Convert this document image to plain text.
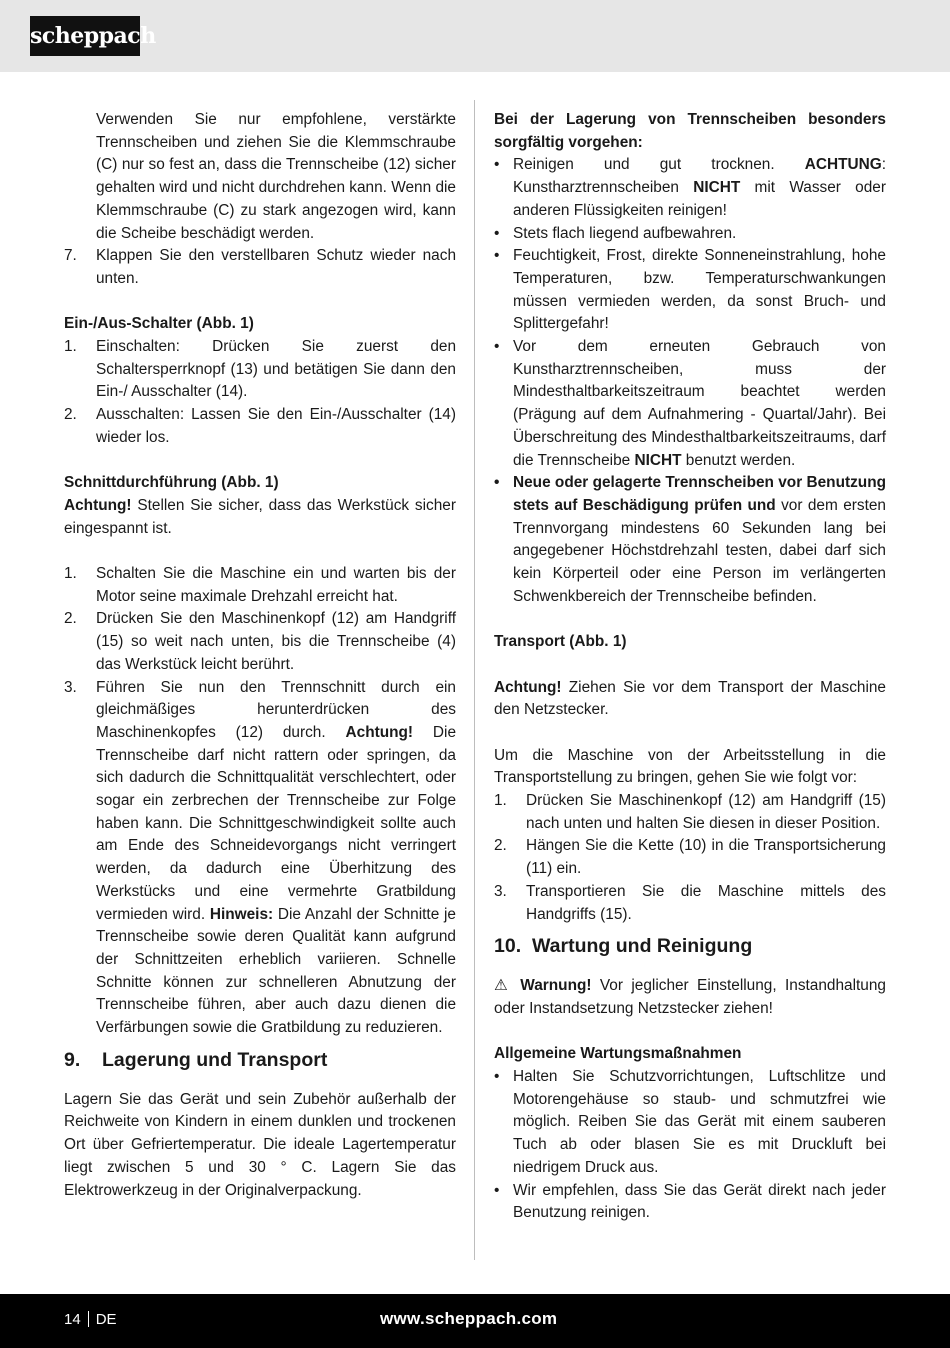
scheppach

Verwenden Sie nur empfohlene, verstärkte Trennscheiben und ziehen Sie die Klemmschraube (C) nur so fest an, dass die Trennscheibe (12) sicher gehalten wird und nicht durchdrehen kann. Wenn die Klemmschraube (C) zu stark angezogen wird, kann die Scheibe beschädigt werden.

7.	Klappen Sie den verstellbaren Schutz wieder nach unten.

Ein-/Aus-Schalter (Abb. 1)

1.	Einschalten: Drücken Sie zuerst den Schaltersperrknopf (13) und betätigen Sie dann den Ein-/ Ausschalter (14).
2.	Ausschalten: Lassen Sie den Ein-/Ausschalter (14) wieder los.

Schnittdurchführung (Abb. 1)

Achtung! Stellen Sie sicher, dass das Werkstück sicher eingespannt ist.

1.	Schalten Sie die Maschine ein und warten bis der Motor seine maximale Drehzahl erreicht hat.
2.	Drücken Sie den Maschinenkopf (12) am Handgriff (15) so weit nach unten, bis die Trennscheibe (4) das Werkstück leicht berührt.
3.	Führen Sie nun den Trennschnitt durch ein gleichmäßiges herunterdrücken des Maschinenkopfes (12) durch. Achtung! Die Trennscheibe darf nicht rattern oder springen, da sich dadurch die Schnittqualität verschlechtert, oder sogar ein zerbrechen der Trennscheibe zur Folge haben kann. Die Schnittgeschwindigkeit sollte auch am Ende des Schneidevorgangs nicht verringert werden, da dadurch eine Überhitzung des Werkstücks und eine vermehrte Gratbildung vermieden wird. Hinweis: Die Anzahl der Schnitte je Trennscheibe sowie deren Qualität kann aufgrund der Schnittzeiten erheblich variieren. Schnelle Schnitte können zur schnelleren Abnutzung der Trennscheibe führen, aber auch dazu dienen die Verfärbungen sowie die Gratbildung zu reduzieren.
9.	Lagerung und Transport

Lagern Sie das Gerät und sein Zubehör außerhalb der Reichweite von Kindern in einem dunklen und trockenen Ort über Gefriertemperatur. Die ideale Lagertemperatur liegt zwischen 5 und 30 ° C. Lagern Sie das Elektrowerkzeug in der Originalverpackung.

Bei der Lagerung von Trennscheiben besonders sorgfältig vorgehen:

• Reinigen und gut trocknen. ACHTUNG: Kunstharztrennscheiben NICHT mit Wasser oder anderen Flüssigkeiten reinigen!
• Stets flach liegend aufbewahren.
• Feuchtigkeit, Frost, direkte Sonneneinstrahlung, hohe Temperaturen, bzw. Temperaturschwankungen müssen vermieden werden, da sonst Bruch- und Splittergefahr!
• Vor dem erneuten Gebrauch von Kunstharztrennscheiben, muss der Mindesthaltbarkeitszeitraum beachtet werden (Prägung auf dem Aufnahmering - Quartal/Jahr). Bei Überschreitung des Mindesthaltbarkeitszeitraums, darf die Trennscheibe NICHT benutzt werden.
• Neue oder gelagerte Trennscheiben vor Benutzung stets auf Beschädigung prüfen und vor dem ersten Trennvorgang mindestens 60 Sekunden lang bei angegebener Höchstdrehzahl testen, dabei darf sich kein Körperteil oder eine Person im verlängerten Schwenkbereich der Trennscheibe befinden.

Transport (Abb. 1)

Achtung! Ziehen Sie vor dem Transport der Maschine den Netzstecker.

Um die Maschine von der Arbeitsstellung in die Transportstellung zu bringen, gehen Sie wie folgt vor:

1.	Drücken Sie Maschinenkopf (12) am Handgriff (15) nach unten und halten Sie diesen in dieser Position.
2.	Hängen Sie die Kette (10) in die Transportsicherung (11) ein.
3.	Transportieren Sie die Maschine mittels des Handgriffs (15).
10. Wartung und Reinigung

⚠ Warnung! Vor jeglicher Einstellung, Instandhaltung oder Instandsetzung Netzstecker ziehen!

Allgemeine Wartungsmaßnahmen

• Halten Sie Schutzvorrichtungen, Luftschlitze und Motorengehäuse so staub- und schmutzfrei wie möglich. Reiben Sie das Gerät mit einem sauberen Tuch ab oder blasen Sie es mit Druckluft bei niedrigem Druck aus.
• Wir empfehlen, dass Sie das Gerät direkt nach jeder Benutzung reinigen.
14 DE	www.scheppach.com
